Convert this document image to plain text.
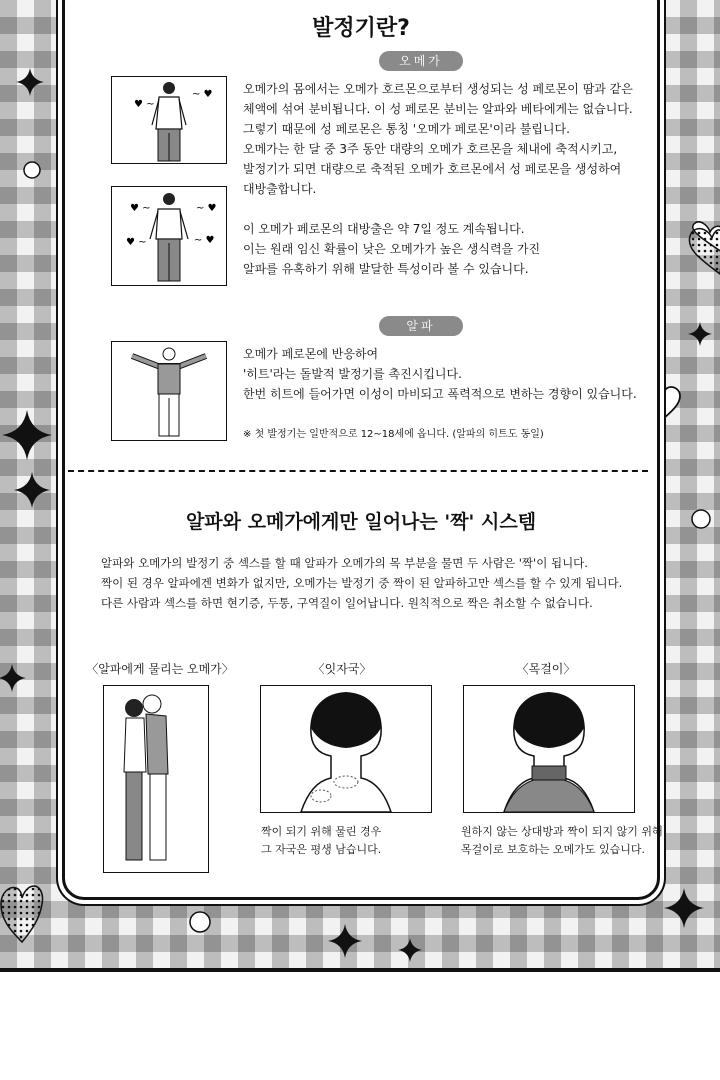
발정기란?
오메가
♥ ~
~ ♥
♥ ~	~ ♥
♥ ~	~ ♥
오메가의 몸에서는 오메가 호르몬으로부터 생성되는 성 페로몬이 땀과 같은
체액에 섞여 분비됩니다. 이 성 페로몬 분비는 알파와 베타에게는 없습니다.
그렇기 때문에 성 페로몬은 통칭 '오메가 페로몬'이라 불립니다.
오메가는 한 달 중 3주 동안 대량의 오메가 호르몬을 체내에 축적시키고,
발정기가 되면 대량으로 축적된 오메가 호르몬에서 성 페로몬을 생성하여
대방출합니다.
이 오메가 페로몬의 대방출은 약 7일 정도 계속됩니다.
이는 원래 임신 확률이 낮은 오메가가 높은 생식력을 가진
알파를 유혹하기 위해 발달한 특성이라 볼 수 있습니다.
알파
오메가 페로몬에 반응하여
'히트'라는 돌발적 발정기를 촉진시킵니다.
한번 히트에 들어가면 이성이 마비되고 폭력적으로 변하는 경향이 있습니다.
※ 첫 발정기는 일반적으로 12~18세에 옵니다. (알파의 히트도 동일)
알파와 오메가에게만 일어나는 '짝' 시스템
알파와 오메가의 발정기 중 섹스를 할 때 알파가 오메가의 목 부분을 물면 두 사람은 '짝'이 됩니다.
짝이 된 경우 알파에겐 변화가 없지만, 오메가는 발정기 중 짝이 된 알파하고만 섹스를 할 수 있게 됩니다.
다른 사람과 섹스를 하면 현기증, 두통, 구역질이 일어납니다. 원칙적으로 짝은 취소할 수 없습니다.
〈알파에게 물리는 오메가〉	〈잇자국〉
짝이 되기 위해 물린 경우
그 자국은 평생 남습니다.
〈목걸이〉
원하지 않는 상대방과 짝이 되지 않기 위해
목걸이로 보호하는 오메가도 있습니다.
